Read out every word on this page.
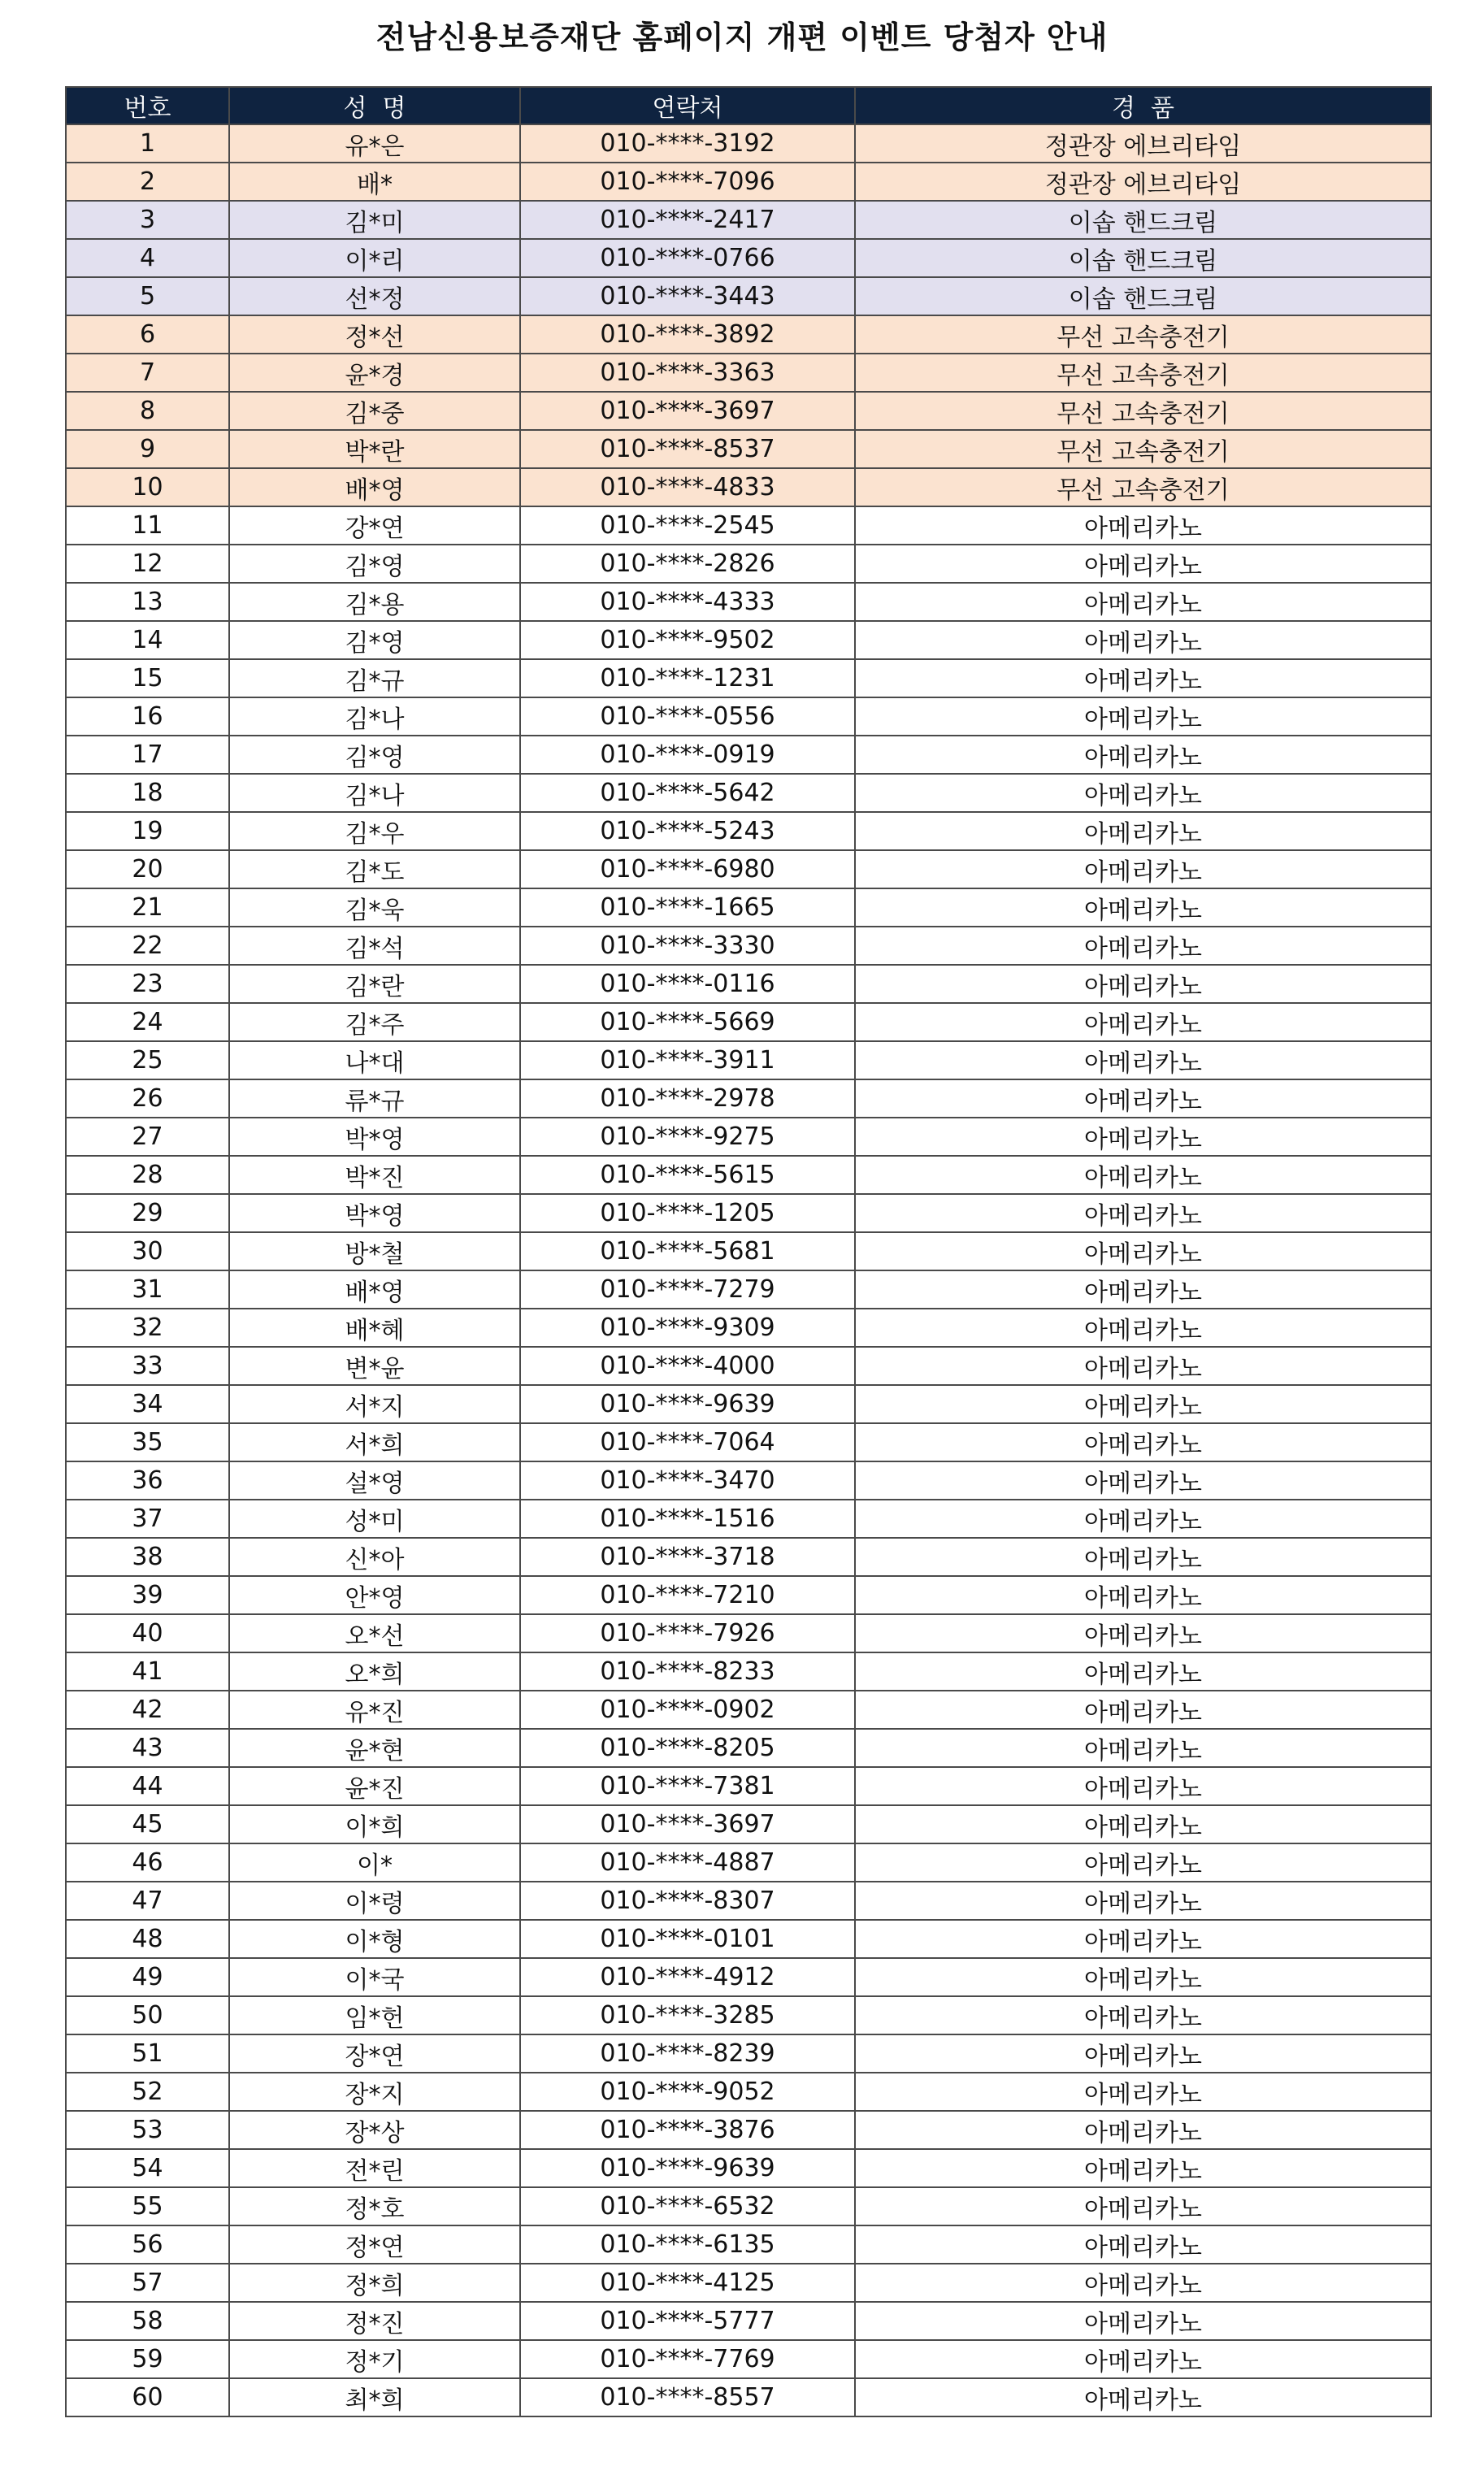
전남신용보증재단 홈페이지 개편 이벤트 당첨자 안내
번호	성  명	연락처	경  품
1	유*은	010-****-3192	정관장 에브리타임
2	배*	010-****-7096	정관장 에브리타임
3	김*미	010-****-2417	이솝 핸드크림
4	이*리	010-****-0766	이솝 핸드크림
5	선*정	010-****-3443	이솝 핸드크림
6	정*선	010-****-3892	무선 고속충전기
7	윤*경	010-****-3363	무선 고속충전기
8	김*중	010-****-3697	무선 고속충전기
9	박*란	010-****-8537	무선 고속충전기
10	배*영	010-****-4833	무선 고속충전기
11	강*연	010-****-2545	아메리카노
12	김*영	010-****-2826	아메리카노
13	김*용	010-****-4333	아메리카노
14	김*영	010-****-9502	아메리카노
15	김*규	010-****-1231	아메리카노
16	김*나	010-****-0556	아메리카노
17	김*영	010-****-0919	아메리카노
18	김*나	010-****-5642	아메리카노
19	김*우	010-****-5243	아메리카노
20	김*도	010-****-6980	아메리카노
21	김*욱	010-****-1665	아메리카노
22	김*석	010-****-3330	아메리카노
23	김*란	010-****-0116	아메리카노
24	김*주	010-****-5669	아메리카노
25	나*대	010-****-3911	아메리카노
26	류*규	010-****-2978	아메리카노
27	박*영	010-****-9275	아메리카노
28	박*진	010-****-5615	아메리카노
29	박*영	010-****-1205	아메리카노
30	방*철	010-****-5681	아메리카노
31	배*영	010-****-7279	아메리카노
32	배*혜	010-****-9309	아메리카노
33	변*윤	010-****-4000	아메리카노
34	서*지	010-****-9639	아메리카노
35	서*희	010-****-7064	아메리카노
36	설*영	010-****-3470	아메리카노
37	성*미	010-****-1516	아메리카노
38	신*아	010-****-3718	아메리카노
39	안*영	010-****-7210	아메리카노
40	오*선	010-****-7926	아메리카노
41	오*희	010-****-8233	아메리카노
42	유*진	010-****-0902	아메리카노
43	윤*현	010-****-8205	아메리카노
44	윤*진	010-****-7381	아메리카노
45	이*희	010-****-3697	아메리카노
46	이*	010-****-4887	아메리카노
47	이*령	010-****-8307	아메리카노
48	이*형	010-****-0101	아메리카노
49	이*국	010-****-4912	아메리카노
50	임*헌	010-****-3285	아메리카노
51	장*연	010-****-8239	아메리카노
52	장*지	010-****-9052	아메리카노
53	장*상	010-****-3876	아메리카노
54	전*린	010-****-9639	아메리카노
55	정*호	010-****-6532	아메리카노
56	정*연	010-****-6135	아메리카노
57	정*희	010-****-4125	아메리카노
58	정*진	010-****-5777	아메리카노
59	정*기	010-****-7769	아메리카노
60	최*희	010-****-8557	아메리카노
